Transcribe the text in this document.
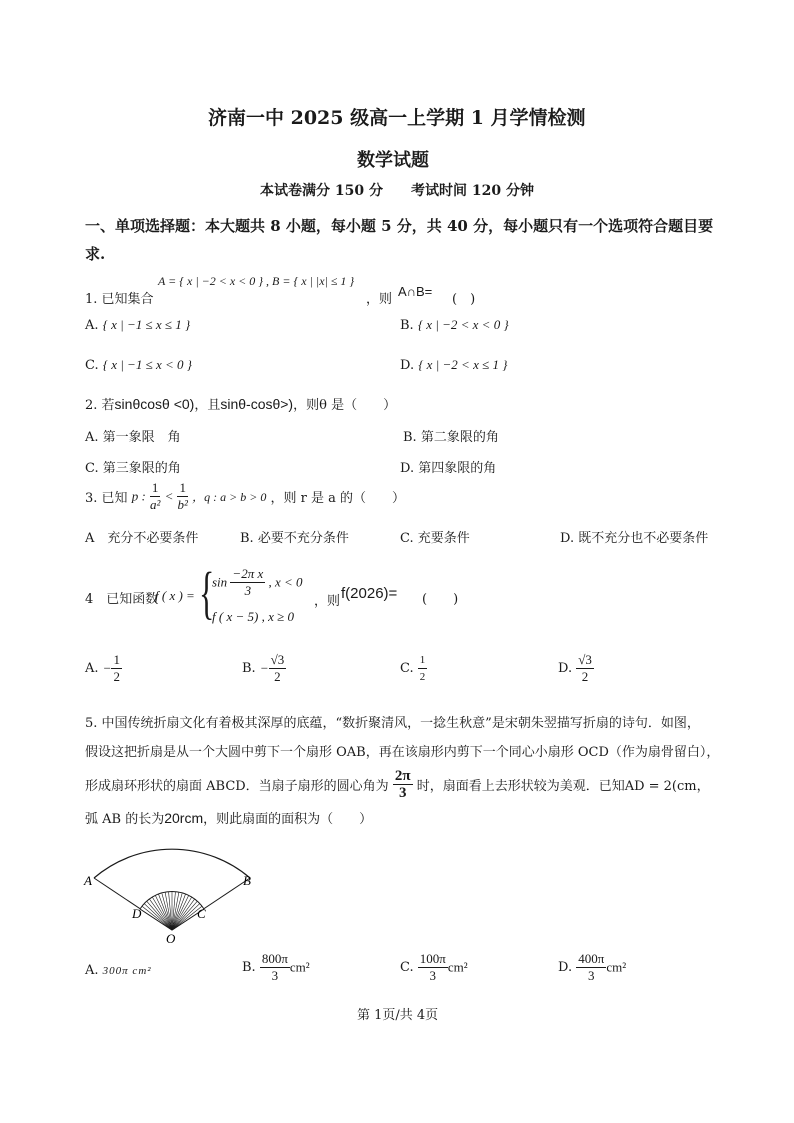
济南一中 2025 级高一上学期 1 月学情检测
数学试题
本试卷满分 150 分　　考试时间 120 分钟
一、单项选择题：本大题共 8 小题，每小题 5 分，共 40 分，每小题只有一个选项符合题目要求.
1. 已知集合
A = { x | −2 < x < 0 } , B = { x | |x| ≤ 1 }
，则
A∩B=
(　)
A. { x | −1 ≤ x ≤ 1 }	B. { x | −2 < x < 0 }
C. { x | −1 ≤ x < 0 }	D. { x | −2 < x ≤ 1 }
2. 若sinθcosθ <0)，且sinθ-cosθ>)，则θ 是（　　）
A. 第一象限　角	B. 第二象限的角
C. 第三象限的角	D. 第四象限的角
3. 已知 p : $\frac{1}{\text{a²}} < \frac{1}{\text{b²}}$ ，q : a > b > 0 ，则 r 是 a 的（　　）
A　 充分不必要条件	B. 必要不充分条件	C. 充要条件	D. 既不充分也不必要条件
4　已知函数
f ( x ) = {
$\sin \frac{\text{−2π x}}{3}$ , x < 0
f ( x − 5) , x ≥ 0
，则 f(2026)= (　　)
A. − $\frac{1}{2}$	B. − $\frac{√3}{2}$	C. $\frac{1}{2}$	D. $\frac{√3}{2}$
5. 中国传统折扇文化有着极其深厚的底蕴，“数折聚清风，一捻生秋意”是宋朝朱翌描写折扇的诗句．如图，
假设这把折扇是从一个大圆中剪下一个扇形 OAB，再在该扇形内剪下一个同心小扇形 OCD（作为扇骨留白），
形成扇环形状的扇面 ABCD．当扇子扇形的圆心角为 $\frac{2\pi}{3}$ 时，扇面看上去形状较为美观．已知AD = 2(cm，
弧 AB 的长为20rcm，则此扇面的面积为（　　）
A	B
C
D
O
A. 300π cm²	B. $\frac{800\pi}{3} cm^2$	C. $\frac{100\pi}{3} cm^2$	D. $\frac{400\pi}{3} cm^2$
第 1页/共 4页
